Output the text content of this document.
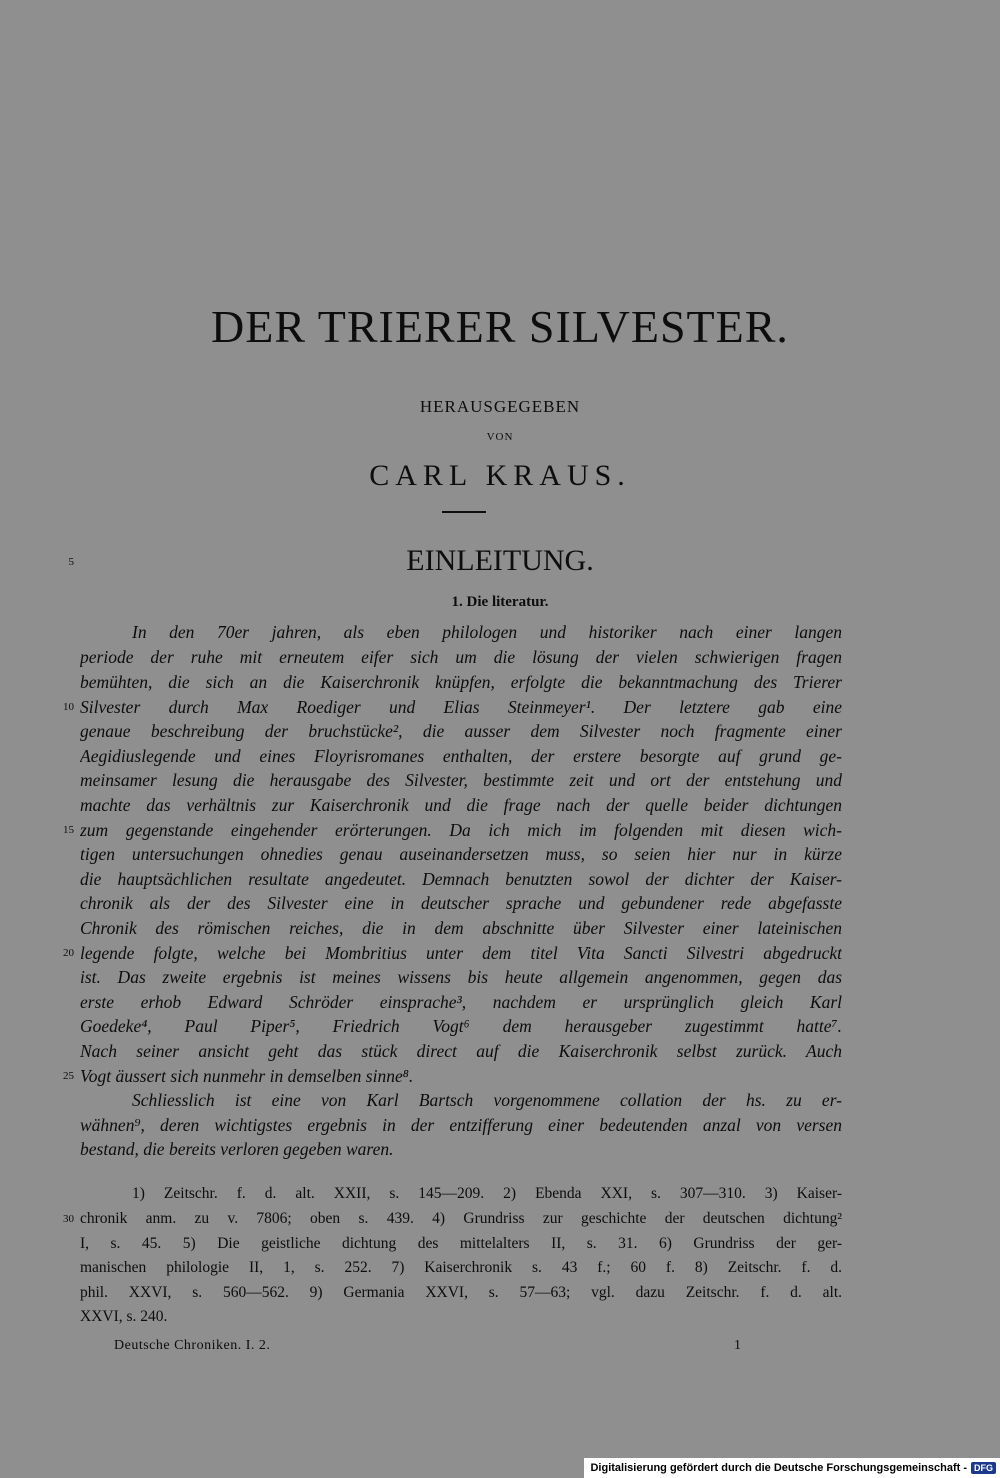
DER TRIERER SILVESTER.
HERAUSGEGEBEN
VON
CARL KRAUS.
5	EINLEITUNG.
1. Die literatur.
In den 70er jahren, als eben philologen und historiker nach einer langen
periode der ruhe mit erneutem eifer sich um die lösung der vielen schwierigen fragen
bemühten, die sich an die Kaiserchronik knüpfen, erfolgte die bekanntmachung des Trierer
10 Silvester durch Max Roediger und Elias Steinmeyer¹. Der letztere gab eine
genaue beschreibung der bruchstücke², die ausser dem Silvester noch fragmente einer
Aegidiuslegende und eines Floyrisromanes enthalten, der erstere besorgte auf grund ge-
meinsamer lesung die herausgabe des Silvester, bestimmte zeit und ort der entstehung und
machte das verhältnis zur Kaiserchronik und die frage nach der quelle beider dichtungen
15 zum gegenstande eingehender erörterungen. Da ich mich im folgenden mit diesen wich-
tigen untersuchungen ohnedies genau auseinandersetzen muss, so seien hier nur in kürze
die hauptsächlichen resultate angedeutet. Demnach benutzten sowol der dichter der Kaiser-
chronik als der des Silvester eine in deutscher sprache und gebundener rede abgefasste
Chronik des römischen reiches, die in dem abschnitte über Silvester einer lateinischen
20 legende folgte, welche bei Mombritius unter dem titel Vita Sancti Silvestri abgedruckt
ist. Das zweite ergebnis ist meines wissens bis heute allgemein angenommen, gegen das
erste erhob Edward Schröder einsprache³, nachdem er ursprünglich gleich Karl
Goedeke⁴, Paul Piper⁵, Friedrich Vogt⁶ dem herausgeber zugestimmt hatte⁷.
Nach seiner ansicht geht das stück direct auf die Kaiserchronik selbst zurück. Auch
25 Vogt äussert sich nunmehr in demselben sinne⁸.
Schliesslich ist eine von Karl Bartsch vorgenommene collation der hs. zu er-
wähnen⁹, deren wichtigstes ergebnis in der entzifferung einer bedeutenden anzal von versen
bestand, die bereits verloren gegeben waren.
1) Zeitschr. f. d. alt. XXII, s. 145—209. 2) Ebenda XXI, s. 307—310. 3) Kaiser-
30 chronik anm. zu v. 7806; oben s. 439. 4) Grundriss zur geschichte der deutschen dichtung²
I, s. 45. 5) Die geistliche dichtung des mittelalters II, s. 31. 6) Grundriss der ger-
manischen philologie II, 1, s. 252. 7) Kaiserchronik s. 43 f.; 60 f. 8) Zeitschr. f. d.
phil. XXVI, s. 560—562. 9) Germania XXVI, s. 57—63; vgl. dazu Zeitschr. f. d. alt.
XXVI, s. 240.
Deutsche Chroniken. I. 2.	1
Digitalisierung gefördert durch die Deutsche Forschungsgemeinschaft - DFG
